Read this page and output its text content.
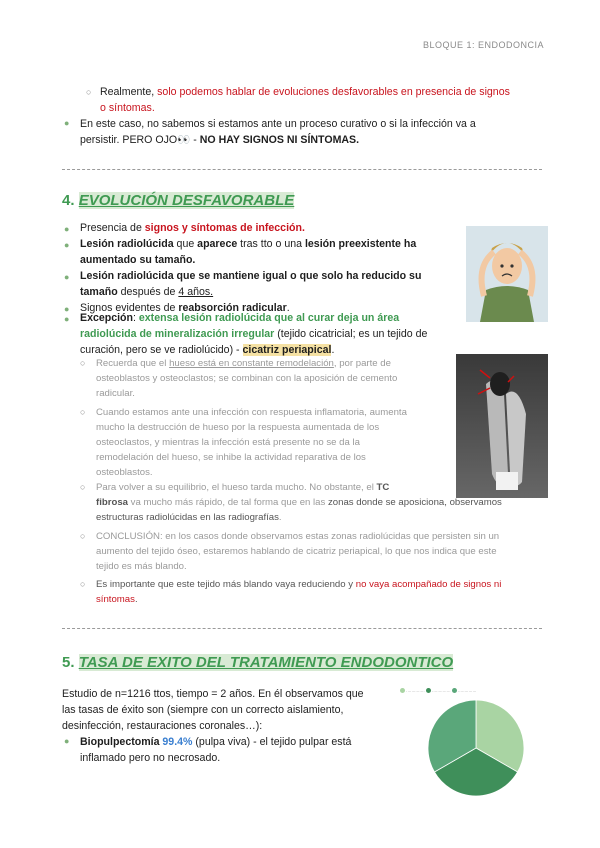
BLOQUE 1: ENDODONCIA
○ Realmente, solo podemos hablar de evoluciones desfavorables en presencia de signos
o síntomas.
● En este caso, no sabemos si estamos ante un proceso curativo o si la infección va a
persistir. PERO OJO👀 - NO HAY SIGNOS NI SÍNTOMAS.
4. EVOLUCIÓN DESFAVORABLE
● Presencia de signos y síntomas de infección.
● Lesión radiolúcida que aparece tras tto o una lesión preexistente ha
aumentado su tamaño.
● Lesión radiolúcida que se mantiene igual o que solo ha reducido su
tamaño después de 4 años.
● Signos evidentes de reabsorción radicular.
● Excepción: extensa lesión radiolúcida que al curar deja un área
radiolúcida de mineralización irregular (tejido cicatricial; es un tejido de
curación, pero se ve radiolúcido) - cicatriz periapical.
○ Recuerda que el hueso está en constante remodelación, por parte de
osteoblastos y osteoclastos; se combinan con la aposición de cemento
radicular.
○ Cuando estamos ante una infección con respuesta inflamatoria, aumenta
mucho la destrucción de hueso por la respuesta aumentada de los
osteoclastos, y mientras la infección está presente no se da la
remodelación del hueso, se inhibe la actividad reparativa de los
osteoblastos.
○ Para volver a su equilibrio, el hueso tarda mucho. No obstante, el TC
fibrosa va mucho más rápido, de tal forma que en las zonas donde se aposiciona, observamos
estructuras radiolúcidas en las radiografías.
○ CONCLUSIÓN: en los casos donde observamos estas zonas radiolúcidas que persisten sin un
aumento del tejido óseo, estaremos hablando de cicatriz periapical, lo que nos indica que este
tejido es más blando.
○ Es importante que este tejido más blando vaya reduciendo y no vaya acompañado de signos ni
síntomas.
5. TASA DE EXITO DEL TRATAMIENTO ENDODONTICO
Estudio de n=1216 ttos, tiempo = 2 años. En él observamos que
las tasas de éxito son (siempre con un correcto aislamiento,
desinfección, restauraciones coronales…):
● Biopulpectomía 99.4% (pulpa viva) - el tejido pulpar está
inflamado pero no necrosado.
··············  ··············  ··············
